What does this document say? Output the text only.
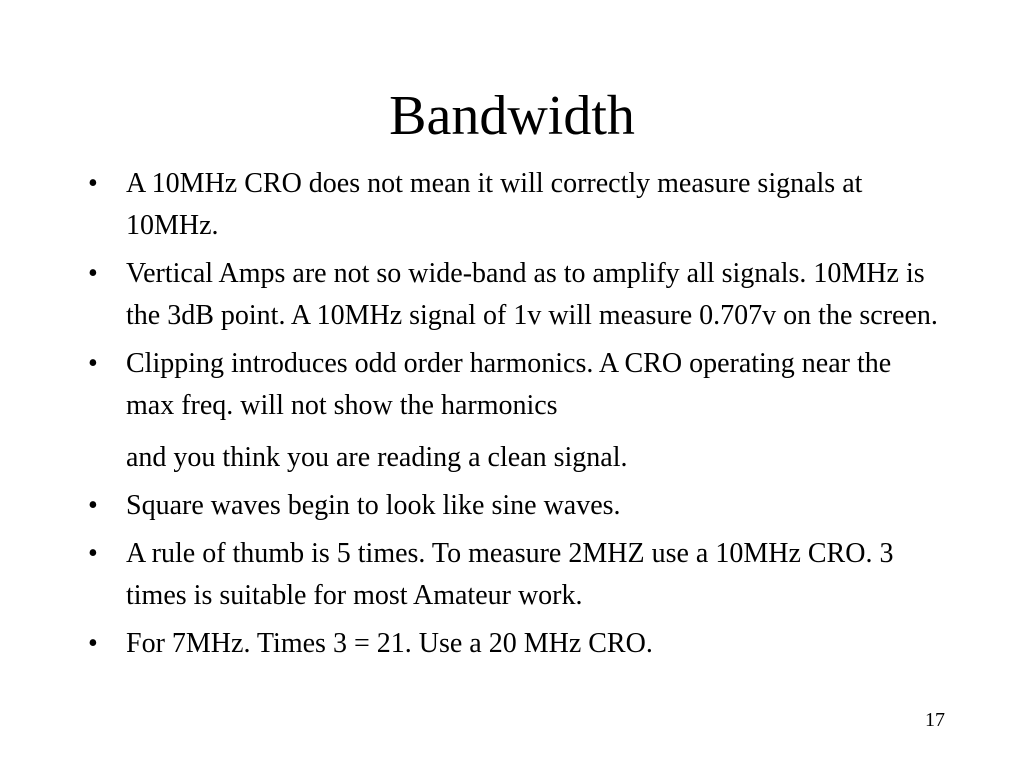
Bandwidth
•	A 10MHz CRO does not mean it will correctly measure signals at 10MHz.
•	Vertical Amps are not so wide-band as to amplify all signals. 10MHz is the 3dB point. A 10MHz signal of 1v will measure 0.707v on the screen.
•	Clipping introduces odd order harmonics. A CRO operating near the max freq. will not show the harmonics
and you think you are reading a clean signal.
•	Square waves begin to look like sine waves.
•	A rule of thumb is 5 times. To measure 2MHZ use a 10MHz CRO. 3 times is suitable for most Amateur work.
•	For 7MHz. Times 3 = 21. Use a 20 MHz CRO.
17
